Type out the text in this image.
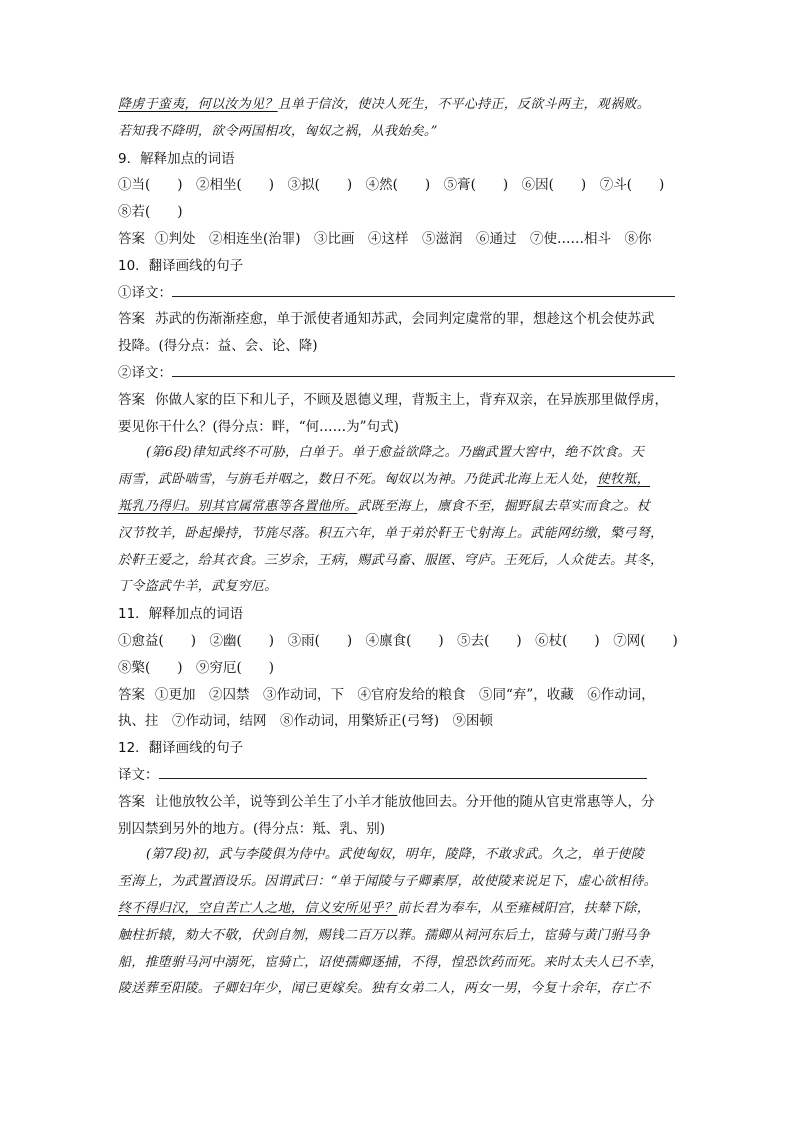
降虏于蛮夷，何以汝为见？且单于信汝，使决人死生，不平心持正，反欲斗两主，观祸败。
若知我不降明，欲令两国相攻，匈奴之祸，从我始矣。”
9．解释加点的词语
①当(　　)　②相坐(　　)　③拟(　　)　④然(　　)　⑤膏(　　)　⑥因(　　)　⑦斗(　　)
⑧若(　　)
答案 ①判处　②相连坐(治罪)　③比画　④这样　⑤滋润　⑥通过　⑦使……相斗　⑧你
10．翻译画线的句子
①译文：
答案 苏武的伤渐渐痊愈，单于派使者通知苏武，会同判定虞常的罪，想趁这个机会使苏武
投降。(得分点：益、会、论、降)
②译文：
答案 你做人家的臣下和儿子，不顾及恩德义理，背叛主上，背弃双亲，在异族那里做俘虏，
要见你干什么？(得分点：畔，“何……为”句式)
(第6段)律知武终不可胁，白单于。单于愈益欲降之。乃幽武置大窖中，绝不饮食。天
雨雪，武卧啮雪，与旃毛并咽之，数日不死。匈奴以为神。乃徙武北海上无人处，使牧羝，
羝乳乃得归。别其官属常惠等各置他所。武既至海上，廪食不至，掘野鼠去草实而食之。杖
汉节牧羊，卧起操持，节旄尽落。积五六年，单于弟於靬王弋射海上。武能网纺缴，檠弓弩，
於靬王爱之，给其衣食。三岁余，王病，赐武马畜、服匿、穹庐。王死后，人众徙去。其冬，
丁令盗武牛羊，武复穷厄。
11．解释加点的词语
①愈益(　　)　②幽(　　)　③雨(　　)　④廪食(　　)　⑤去(　　)　⑥杖(　　)　⑦网(　　)
⑧檠(　　)　⑨穷厄(　　)
答案 ①更加　②囚禁　③作动词，下　④官府发给的粮食　⑤同“弃”，收藏　⑥作动词，
执、拄　⑦作动词，结网　⑧作动词，用檠矫正(弓弩)　⑨困顿
12．翻译画线的句子
译文：
答案 让他放牧公羊，说等到公羊生了小羊才能放他回去。分开他的随从官吏常惠等人，分
别囚禁到另外的地方。(得分点：羝、乳、别)
(第7段)初，武与李陵俱为侍中。武使匈奴，明年，陵降，不敢求武。久之，单于使陵
至海上，为武置酒设乐。因谓武曰：“单于闻陵与子卿素厚，故使陵来说足下，虚心欲相待。
终不得归汉，空自苦亡人之地，信义安所见乎？前长君为奉车，从至雍棫阳宫，扶辇下除，
触柱折辕，劾大不敬，伏剑自刎，赐钱二百万以葬。孺卿从祠河东后土，宦骑与黄门驸马争
船，推堕驸马河中溺死，宦骑亡，诏使孺卿逐捕，不得，惶恐饮药而死。来时太夫人已不幸，
陵送葬至阳陵。子卿妇年少，闻已更嫁矣。独有女弟二人，两女一男，今复十余年，存亡不
